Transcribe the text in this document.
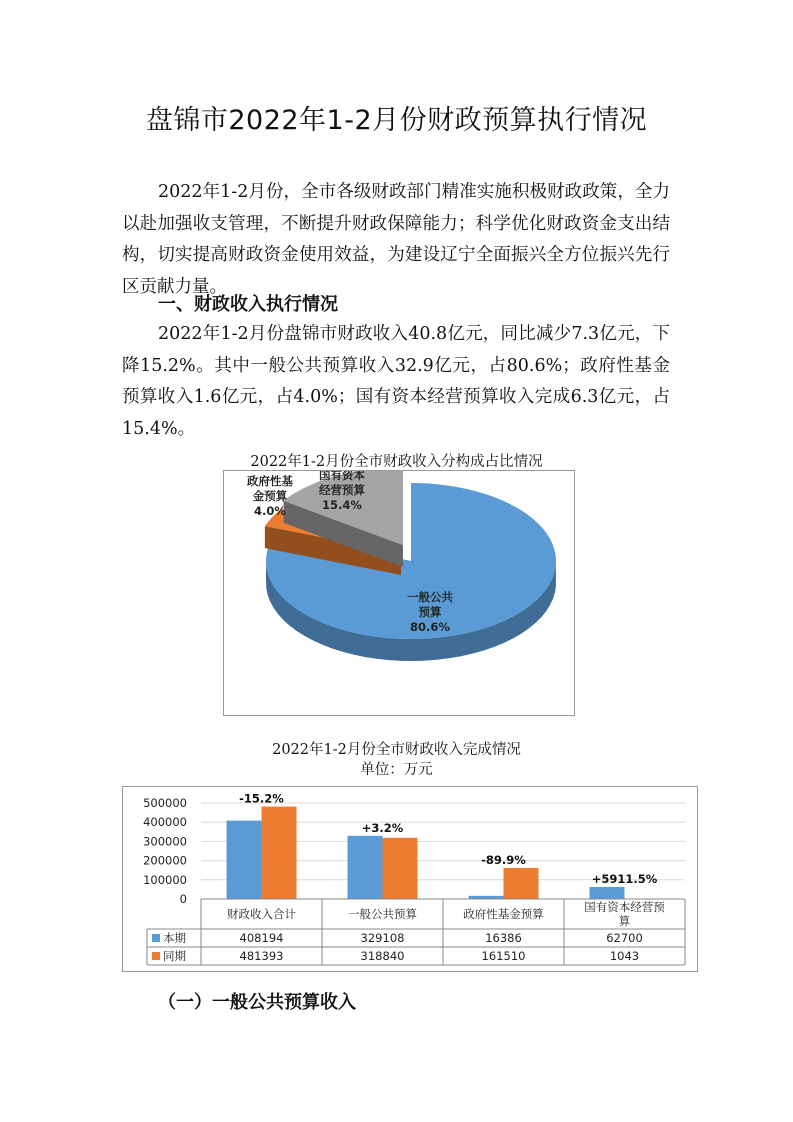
盘锦市2022年1-2月份财政预算执行情况
2022年1-2月份，全市各级财政部门精准实施积极财政政策，全力以赴加强收支管理，不断提升财政保障能力；科学优化财政资金支出结构，切实提高财政资金使用效益，为建设辽宁全面振兴全方位振兴先行区贡献力量。
一、财政收入执行情况
2022年1-2月份盘锦市财政收入40.8亿元，同比减少7.3亿元，下降15.2%。其中一般公共预算收入32.9亿元，占80.6%；政府性基金预算收入1.6亿元，占4.0%；国有资本经营预算收入完成6.3亿元，占15.4%。
2022年1-2月份全市财政收入分构成占比情况
一般公共
预算
80.6%
政府性基
金预算
4.0%
国有资本
经营预算
15.4%
2022年1-2月份全市财政收入完成情况
单位：万元
0
100000
200000
300000
400000
500000	-15.2%
+3.2%
-89.9%
+5911.5%
财政收入合计	一般公共预算	政府性基金预算	国有资本经营预
算
本期	408194	329108	16386	62700
同期	481393	318840	161510	1043
（一）一般公共预算收入
